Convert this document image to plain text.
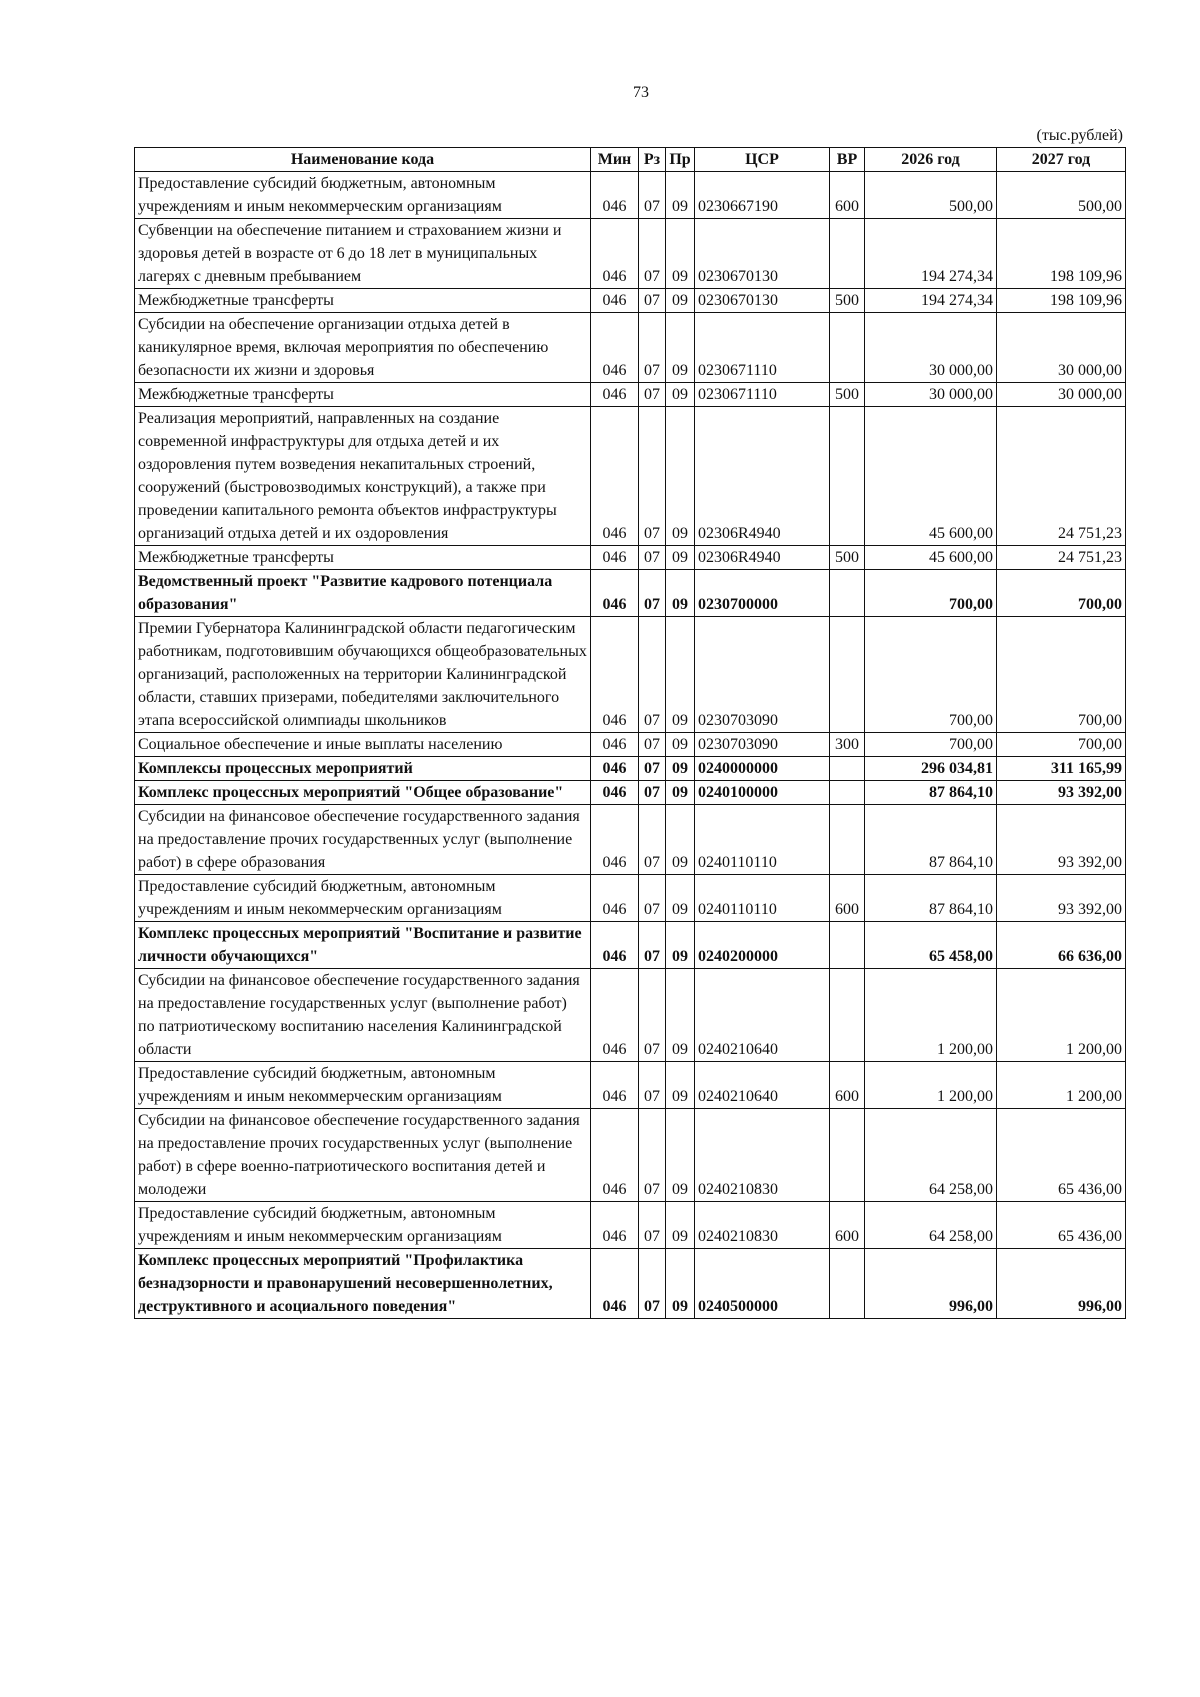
73
(тыс.рублей)
Наименование кода	Мин	Рз	Пр	ЦСР	ВР	2026 год	2027 год
Предоставление субсидий бюджетным, автономным учреждениям и иным некоммерческим организациям	046	07	09	0230667190	600	500,00	500,00
Субвенции на обеспечение питанием и страхованием жизни и здоровья детей в возрасте от 6 до 18 лет в муниципальных лагерях с дневным пребыванием	046	07	09	0230670130		194 274,34	198 109,96
Межбюджетные трансферты	046	07	09	0230670130	500	194 274,34	198 109,96
Субсидии на обеспечение организации отдыха детей в каникулярное время, включая мероприятия по обеспечению безопасности их жизни и здоровья	046	07	09	0230671110		30 000,00	30 000,00
Межбюджетные трансферты	046	07	09	0230671110	500	30 000,00	30 000,00
Реализация мероприятий, направленных на создание современной инфраструктуры для отдыха детей и их оздоровления путем возведения некапитальных строений, сооружений (быстровозводимых конструкций), а также при проведении капитального ремонта объектов инфраструктуры организаций отдыха детей и их оздоровления	046	07	09	02306R4940		45 600,00	24 751,23
Межбюджетные трансферты	046	07	09	02306R4940	500	45 600,00	24 751,23
Ведомственный проект "Развитие кадрового потенциала образования"	046	07	09	0230700000		700,00	700,00
Премии Губернатора Калининградской области педагогическим работникам, подготовившим обучающихся общеобразовательных организаций, расположенных на территории Калининградской области, ставших призерами, победителями заключительного этапа всероссийской олимпиады школьников	046	07	09	0230703090		700,00	700,00
Социальное обеспечение и иные выплаты населению	046	07	09	0230703090	300	700,00	700,00
Комплексы процессных мероприятий	046	07	09	0240000000		296 034,81	311 165,99
Комплекс процессных мероприятий "Общее образование"	046	07	09	0240100000		87 864,10	93 392,00
Субсидии на финансовое обеспечение государственного задания на предоставление прочих государственных услуг (выполнение работ) в сфере образования	046	07	09	0240110110		87 864,10	93 392,00
Предоставление субсидий бюджетным, автономным учреждениям и иным некоммерческим организациям	046	07	09	0240110110	600	87 864,10	93 392,00
Комплекс процессных мероприятий "Воспитание и развитие личности обучающихся"	046	07	09	0240200000		65 458,00	66 636,00
Субсидии на финансовое обеспечение государственного задания на предоставление государственных услуг (выполнение работ) по патриотическому воспитанию населения Калининградской области	046	07	09	0240210640		1 200,00	1 200,00
Предоставление субсидий бюджетным, автономным учреждениям и иным некоммерческим организациям	046	07	09	0240210640	600	1 200,00	1 200,00
Субсидии на финансовое обеспечение государственного задания на предоставление прочих государственных услуг (выполнение работ) в сфере военно-патриотического воспитания детей и молодежи	046	07	09	0240210830		64 258,00	65 436,00
Предоставление субсидий бюджетным, автономным учреждениям и иным некоммерческим организациям	046	07	09	0240210830	600	64 258,00	65 436,00
Комплекс процессных мероприятий "Профилактика безнадзорности и правонарушений несовершеннолетних, деструктивного и асоциального поведения"	046	07	09	0240500000		996,00	996,00
